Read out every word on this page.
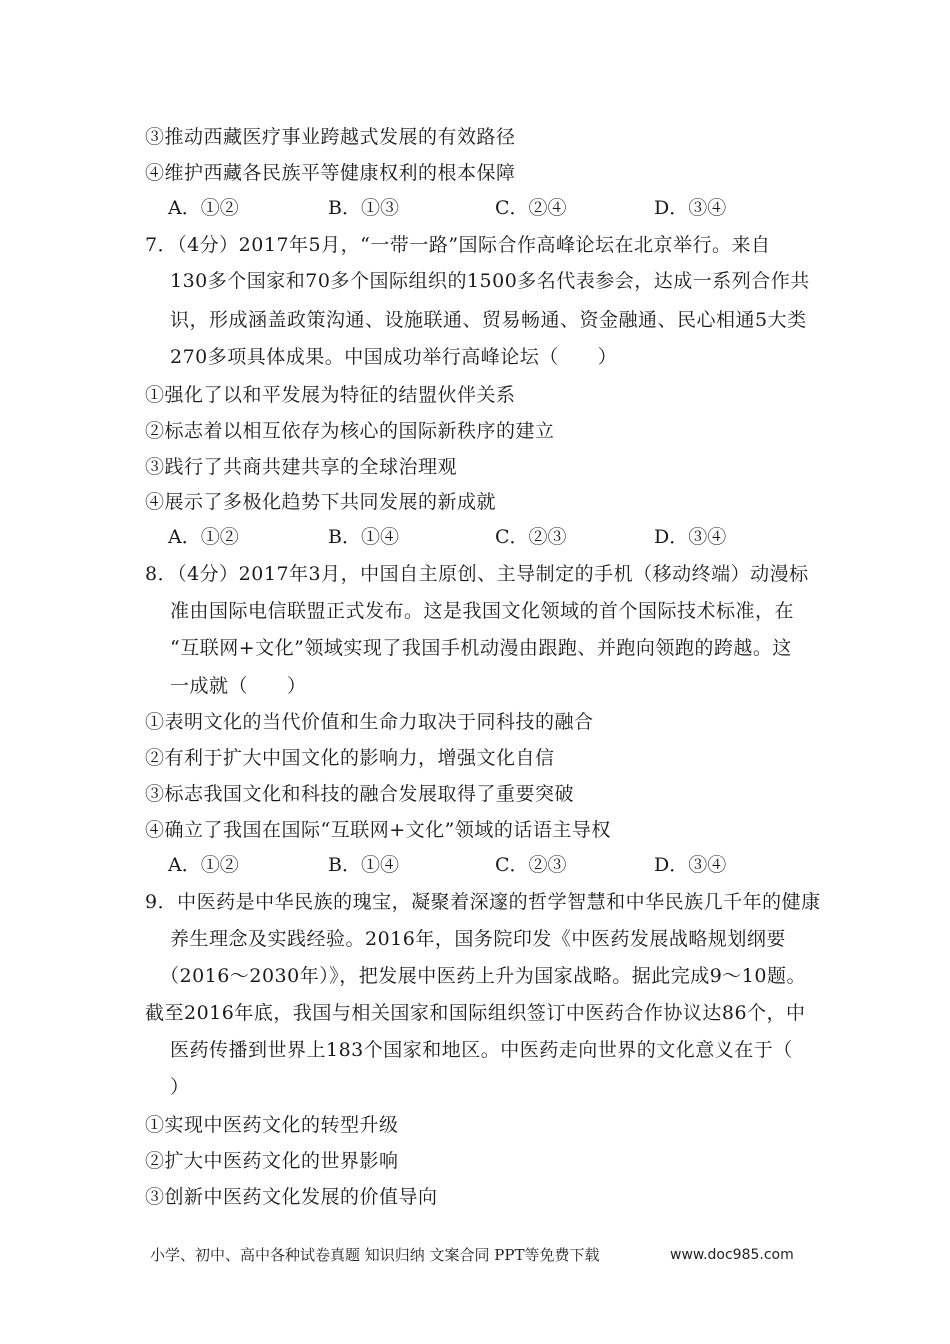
③推动西藏医疗事业跨越式发展的有效路径
④维护西藏各民族平等健康权利的根本保障
A．①②	B．①③	C．②④	D．③④
7．（4分）2017年5月，“一带一路”国际合作高峰论坛在北京举行。来自
130多个国家和70多个国际组织的1500多名代表参会，达成一系列合作共
识，形成涵盖政策沟通、设施联通、贸易畅通、资金融通、民心相通5大类
270多项具体成果。中国成功举行高峰论坛（　　）
①强化了以和平发展为特征的结盟伙伴关系
②标志着以相互依存为核心的国际新秩序的建立
③践行了共商共建共享的全球治理观
④展示了多极化趋势下共同发展的新成就
A．①②	B．①④	C．②③	D．③④
8．（4分）2017年3月，中国自主原创、主导制定的手机（移动终端）动漫标
准由国际电信联盟正式发布。这是我国文化领域的首个国际技术标准，在
“互联网+文化”领域实现了我国手机动漫由跟跑、并跑向领跑的跨越。这
一成就（　　）
①表明文化的当代价值和生命力取决于同科技的融合
②有利于扩大中国文化的影响力，增强文化自信
③标志我国文化和科技的融合发展取得了重要突破
④确立了我国在国际“互联网+文化”领域的话语主导权
A．①②	B．①④	C．②③	D．③④
9．中医药是中华民族的瑰宝，凝聚着深邃的哲学智慧和中华民族几千年的健康
养生理念及实践经验。2016年，国务院印发《中医药发展战略规划纲要
（2016～2030年）》，把发展中医药上升为国家战略。据此完成9～10题。
截至2016年底，我国与相关国家和国际组织签订中医药合作协议达86个，中
医药传播到世界上183个国家和地区。中医药走向世界的文化意义在于（
）
①实现中医药文化的转型升级
②扩大中医药文化的世界影响
③创新中医药文化发展的价值导向
小学、初中、高中各种试卷真题 知识归纳 文案合同 PPT等免费下载	www.doc985.com
